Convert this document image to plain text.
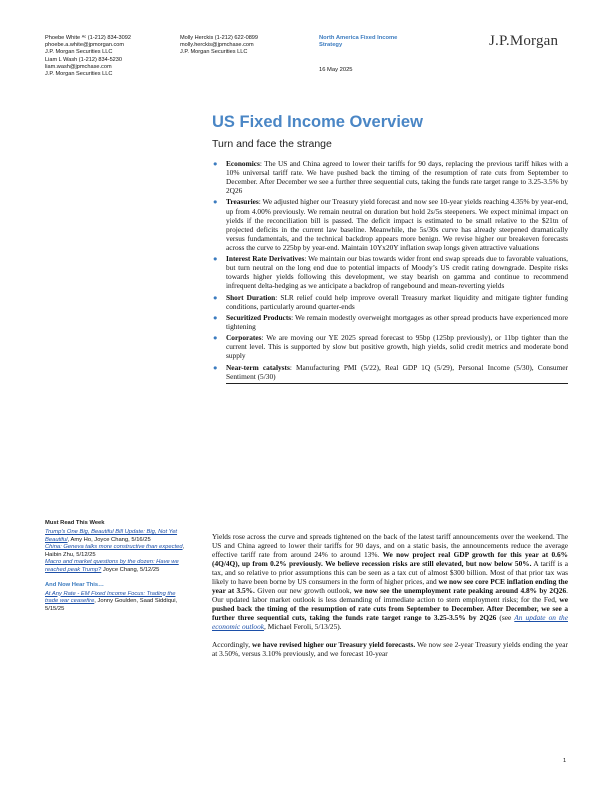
Phoebe White ᴬᶜ (1-212) 834-3092
phoebe.a.white@jpmorgan.com
J.P. Morgan Securities LLC
Liam L Wash (1-212) 834-5230
liam.wash@jpmchase.com
J.P. Morgan Securities LLC
Molly Herckis (1-212) 622-0899
molly.herckis@jpmchase.com
J.P. Morgan Securities LLC
North America Fixed Income
Strategy
16 May 2025
J.P.Morgan
US Fixed Income Overview
Turn and face the strange
● Economics: The US and China agreed to lower their tariffs for 90 days, replacing the previous tariff hikes with a 10% universal tariff rate. We have pushed back the timing of the resumption of rate cuts from September to December. After December we see a further three sequential cuts, taking the funds rate target range to 3.25-3.5% by 2Q26
● Treasuries: We adjusted higher our Treasury yield forecast and now see 10-year yields reaching 4.35% by year-end, up from 4.00% previously. We remain neutral on duration but hold 2s/5s steepeners. We expect minimal impact on yields if the reconciliation bill is passed. The deficit impact is estimated to be small relative to the $21tn of projected deficits in the current law baseline. Meanwhile, the 5s/30s curve has already steepened dramatically versus fundamentals, and the technical backdrop appears more benign. We revise higher our breakeven forecasts across the curve to 225bp by year-end. Maintain 10Yx20Y inflation swap longs given attractive valuations
● Interest Rate Derivatives: We maintain our bias towards wider front end swap spreads due to favorable valuations, but turn neutral on the long end due to potential impacts of Moody’s US credit rating downgrade. Despite risks towards higher yields following this development, we stay bearish on gamma and continue to recommend infrequent delta-hedging as we anticipate a backdrop of rangebound and mean-reverting yields
● Short Duration: SLR relief could help improve overall Treasury market liquidity and mitigate tighter funding conditions, particularly around quarter-ends
● Securitized Products: We remain modestly overweight mortgages as other spread products have experienced more tightening
● Corporates: We are moving our YE 2025 spread forecast to 95bp (125bp previously), or 11bp tighter than the current level. This is supported by slow but positive growth, high yields, solid credit metrics and moderate bond supply
● Near-term catalysts: Manufacturing PMI (5/22), Real GDP 1Q (5/29), Personal Income (5/30), Consumer Sentiment (5/30)
Must Read This Week
Trump's One Big, Beautiful Bill Update: Big, Not Yet Beautiful, Amy Ho, Joyce Chang, 5/16/25
China: Geneva talks more constructive than expected, Haibin Zhu, 5/12/25
Macro and market questions by the dozen: Have we reached peak Trump? Joyce Chang, 5/12/25
And Now Hear This…
At Any Rate - EM Fixed Income Focus: Trading the trade war ceasefire, Jonny Goulden, Saad Siddiqui, 5/15/25

Yields rose across the curve and spreads tightened on the back of the latest tariff announcements over the weekend. The US and China agreed to lower their tariffs for 90 days, and on a static basis, the announcements reduce the average effective tariff rate from around 24% to around 13%. We now project real GDP growth for this year at 0.6% (4Q/4Q), up from 0.2% previously. We believe recession risks are still elevated, but now below 50%. A tariff is a tax, and so relative to prior assumptions this can be seen as a tax cut of almost $300 billion. Most of that prior tax was likely to have been borne by US consumers in the form of higher prices, and we now see core PCE inflation ending the year at 3.5%. Given our new growth outlook, we now see the unemployment rate peaking around 4.8% by 2Q26. Our updated labor market outlook is less demanding of immediate action to stem employment risks; for the Fed, we pushed back the timing of the resumption of rate cuts from September to December. After December, we see a further three sequential cuts, taking the funds rate target range to 3.25-3.5% by 2Q26 (see An update on the economic outlook, Michael Feroli, 5/13/25).

Accordingly, we have revised higher our Treasury yield forecasts. We now see 2-year Treasury yields ending the year at 3.50%, versus 3.10% previously, and we forecast 10-year

1
